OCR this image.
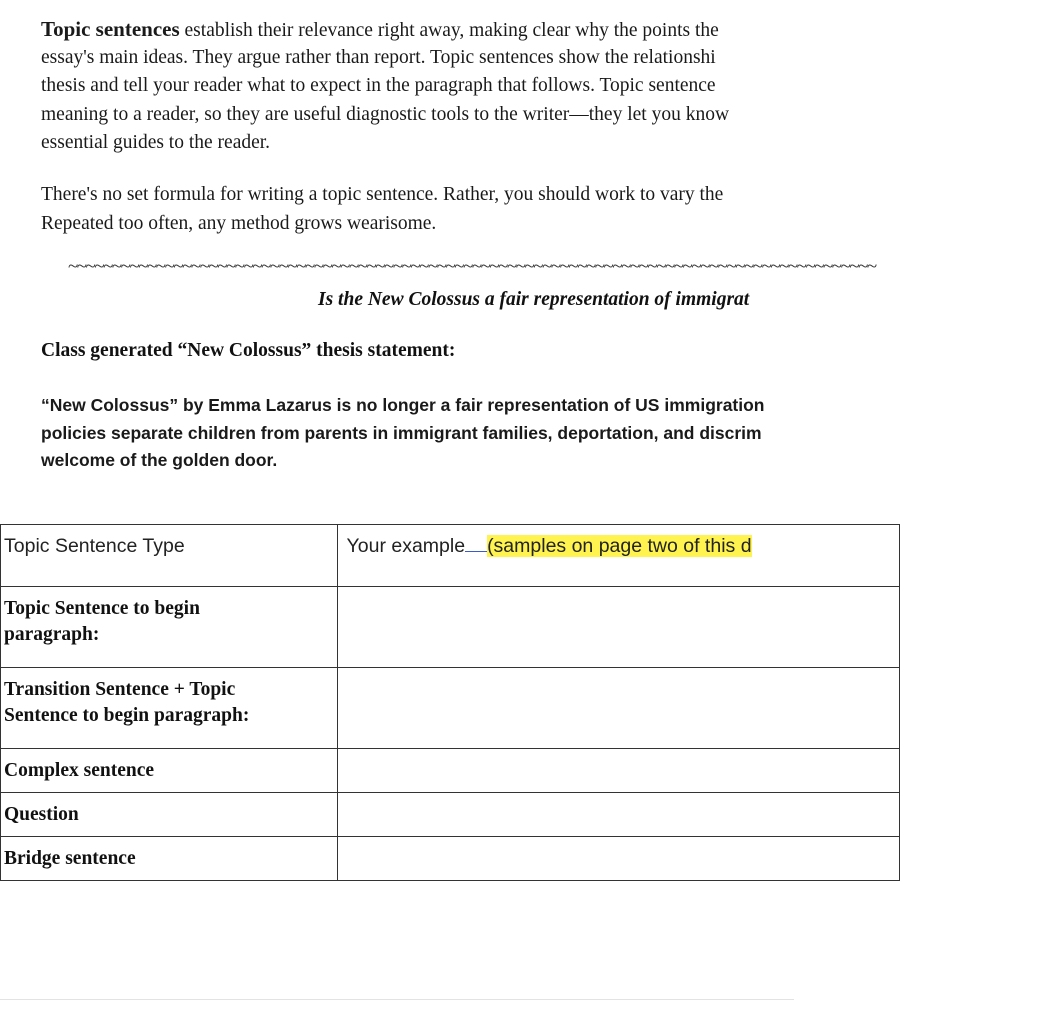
Topic sentences establish their relevance right away, making clear why the points the
essay's main ideas. They argue rather than report. Topic sentences show the relationshi
thesis and tell your reader what to expect in the paragraph that follows. Topic sentence
meaning to a reader, so they are useful diagnostic tools to the writer—they let you know
essential guides to the reader.
There's no set formula for writing a topic sentence. Rather, you should work to vary the
Repeated too often, any method grows wearisome.
~~~~~~~~~~~~~~~~~~~~~~~~~~~~~~~~~~~~~~~~~~~~~~~~~~~~~~~~~~~~~~~~~~~~~~~~~~~~~~~~~~~~~~~~~~~~
Is the New Colossus a fair representation of immigrat
Class generated “New Colossus” thesis statement:
“New Colossus” by Emma Lazarus is no longer a fair representation of US immigration
policies separate children from parents in immigrant families, deportation, and discrim
welcome of the golden door.
Topic Sentence Type	Your example (samples on page two of this d

Topic Sentence to begin
paragraph:	

Transition Sentence + Topic
Sentence to begin paragraph:	

Complex sentence	

Question	

Bridge sentence	
